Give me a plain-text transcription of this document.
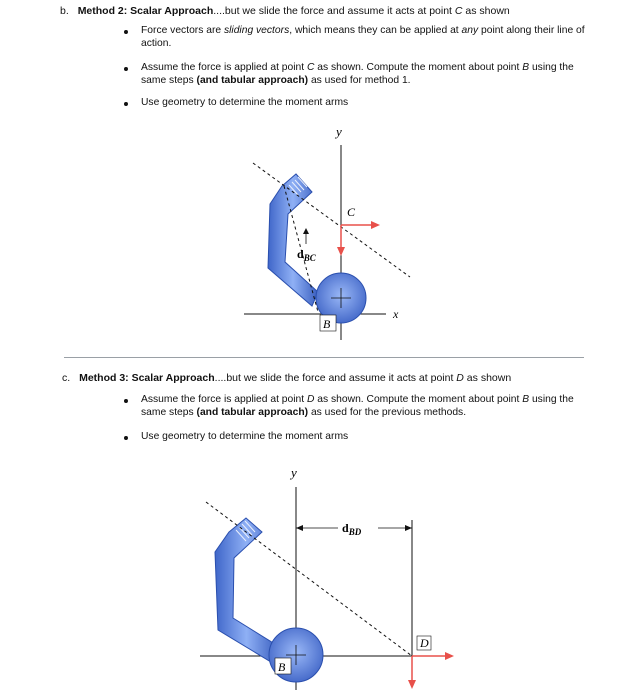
b. Method 2: Scalar Approach....but we slide the force and assume it acts at point C as shown
Force vectors are sliding vectors, which means they can be applied at any point along their line of action.
Assume the force is applied at point C as shown. Compute the moment about point B using the same steps (and tabular approach) as used for method 1.
Use geometry to determine the moment arms
y
x
C
B
$d_{BC}$
c. Method 3: Scalar Approach....but we slide the force and assume it acts at point D as shown
Assume the force is applied at point D as shown. Compute the moment about point B using the same steps (and tabular approach) as used for the previous methods.
Use geometry to determine the moment arms
y
D
B
$d_{BD}$
